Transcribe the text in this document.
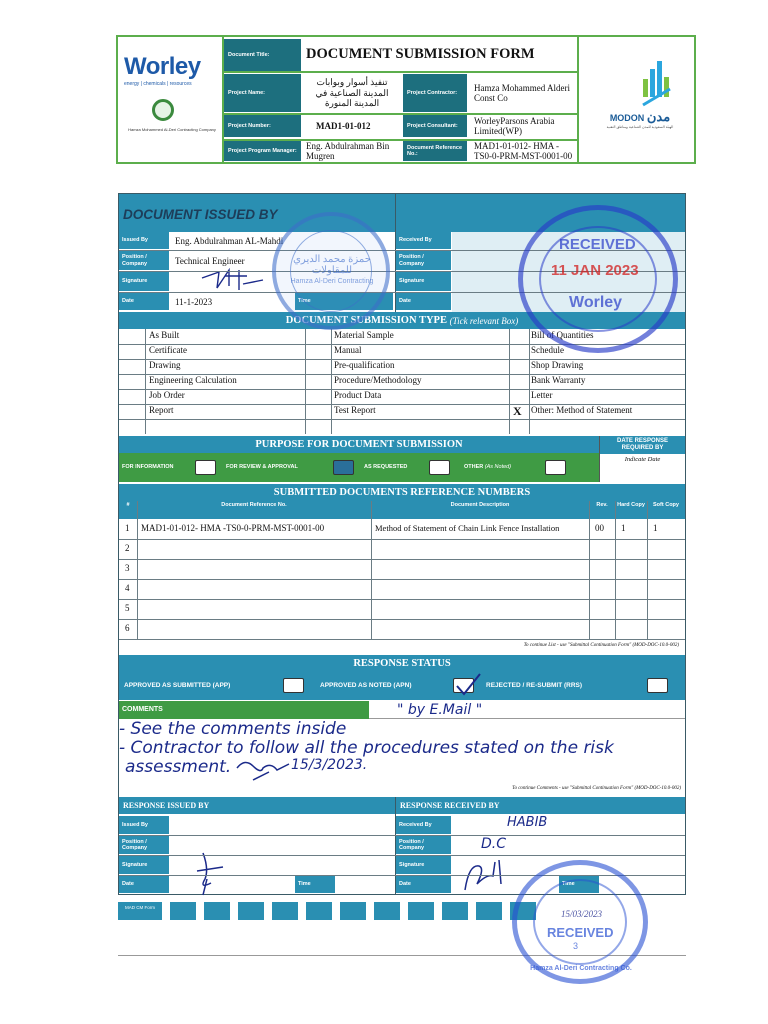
Worley
energy | chemicals | resources
Hamza Mohammed Al-Deri Contracting Company
Document Title:	DOCUMENT SUBMISSION FORM
Project Name:
تنفيذ أسوار وبوابات المدينة الصناعية في المدينة المنورة
Project Contractor:
Hamza Mohammed Alderi Const Co
Project Number:	MAD1-01-012	Project Consultant:
WorleyParsons Arabia Limited(WP)
Project Program Manager:
Eng. Abdulrahman Bin Mugren
Document Reference No.:
MAD1-01-012- HMA -TS0-0-PRM-MST-0001-00
MODON مدن
الهيئة السعودية للمدن الصناعية ومناطق التقنية
DOCUMENT ISSUED BY
Issued By	Eng. Abdulrahman AL-Mahdi
Position / Company	Technical Engineer
Signature
Date	11-1-2023	Time
Received By
Position / Company
Signature
Date
DOCUMENT SUBMISSION TYPE
(Tick relevant Box)
As Built	Material Sample	Bill of Quantities
Certificate	Manual	Schedule
Drawing	Pre-qualification	Shop Drawing
Engineering Calculation	Procedure/Methodology	Bank Warranty
Job Order	Product Data	Letter
Report	Test Report	Other: Method of Statement
X
PURPOSE FOR DOCUMENT SUBMISSION	DATE RESPONSE REQUIRED BY
Indicate Date
FOR INFORMATION	FOR REVIEW & APPROVAL	AS REQUESTED	OTHER
(As Noted)
SUBMITTED DOCUMENTS REFERENCE NUMBERS
#	Document Reference No.	Document Description	Rev.	Hard Copy	Soft Copy
1	MAD1-01-012- HMA -TS0-0-PRM-MST-0001-00	Method of Statement of Chain Link Fence Installation	00	1	1
2
3
4
5
6
To continue List - use "Submittal Continuation Form" (MOD-DOC-10.0-002)
RESPONSE STATUS
APPROVED AS SUBMITTED (APP)	APPROVED AS NOTED (APN)	REJECTED / RE-SUBMIT (RRS)
COMMENTS	" by E.Mail "
- See the comments inside
- Contractor to follow all the procedures stated on the risk
assessment.	15/3/2023.
To continue Comments - use "Submittal Continuation Form" (MOD-DOC-10.0-002)
RESPONSE ISSUED BY	RESPONSE RECEIVED BY
Issued By
Position / Company
Signature
Date	Time
Received By	HABIB
Position / Company	D.C
Signature
Date	Time
MAD CM Form
حمزة محمد الديري للمقاولات
Hamza Al-Deri Contracting
RECEIVED
11 JAN 2023
Worley
15/03/2023
RECEIVED
3
Hamza Al-Deri Contracting Co.
